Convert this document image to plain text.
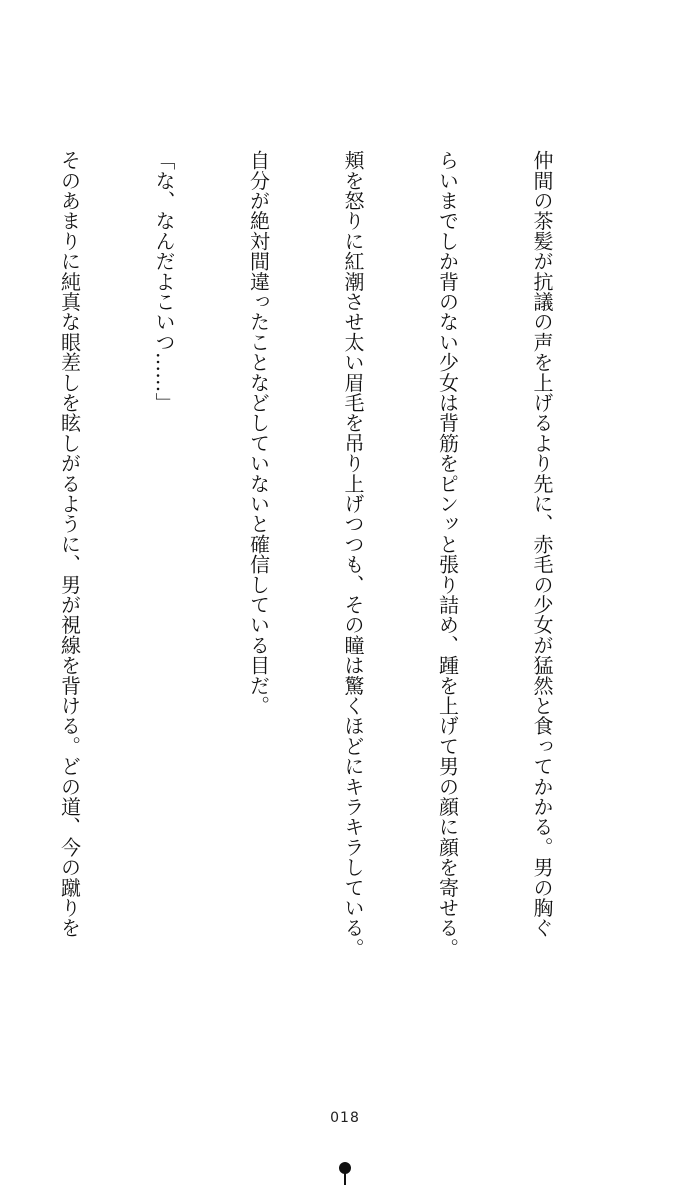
仲間の茶髪が抗議の声を上げるより先に、赤毛の少女が猛然と食ってかかる。男の胸ぐ

らいまでしか背のない少女は背筋をピンッと張り詰め、踵を上げて男の顔に顔を寄せる。

頬を怒りに紅潮させ太い眉毛を吊り上げつつも、その瞳は驚くほどにキラキラしている。

自分が絶対間違ったことなどしていないと確信している目だ。

「な、なんだよこいつ……」

そのあまりに純真な眼差しを眩しがるように、男が視線を背ける。どの道、今の蹴りを

018
